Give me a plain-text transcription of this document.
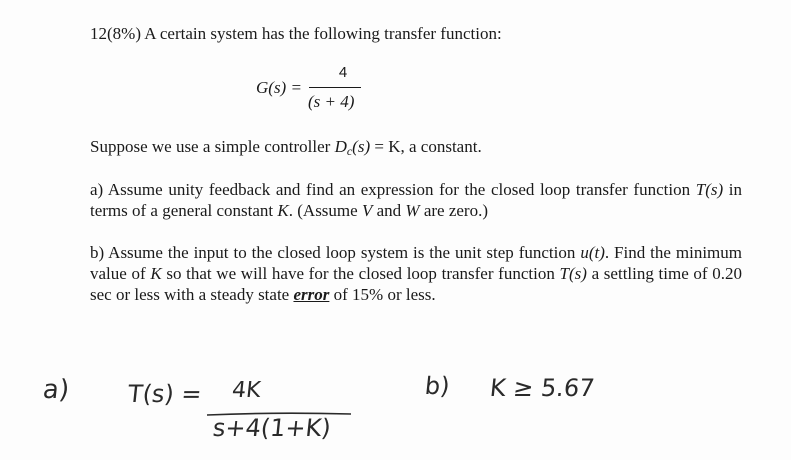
12(8%) A certain system has the following transfer function:
G(s) =
4
(s + 4)
Suppose we use a simple controller $D_c(s) = K$, a constant.
a) Assume unity feedback and find an expression for the closed loop transfer function T(s) in terms of a general constant K. (Assume V and W are zero.)
b) Assume the input to the closed loop system is the unit step function u(t). Find the minimum value of K so that we will have for the closed loop transfer function T(s) a settling time of 0.20 sec or less with a steady state error of 15% or less.
a) T(s) = 4K
s+4(1+K)
b) K ≥ 5.67
